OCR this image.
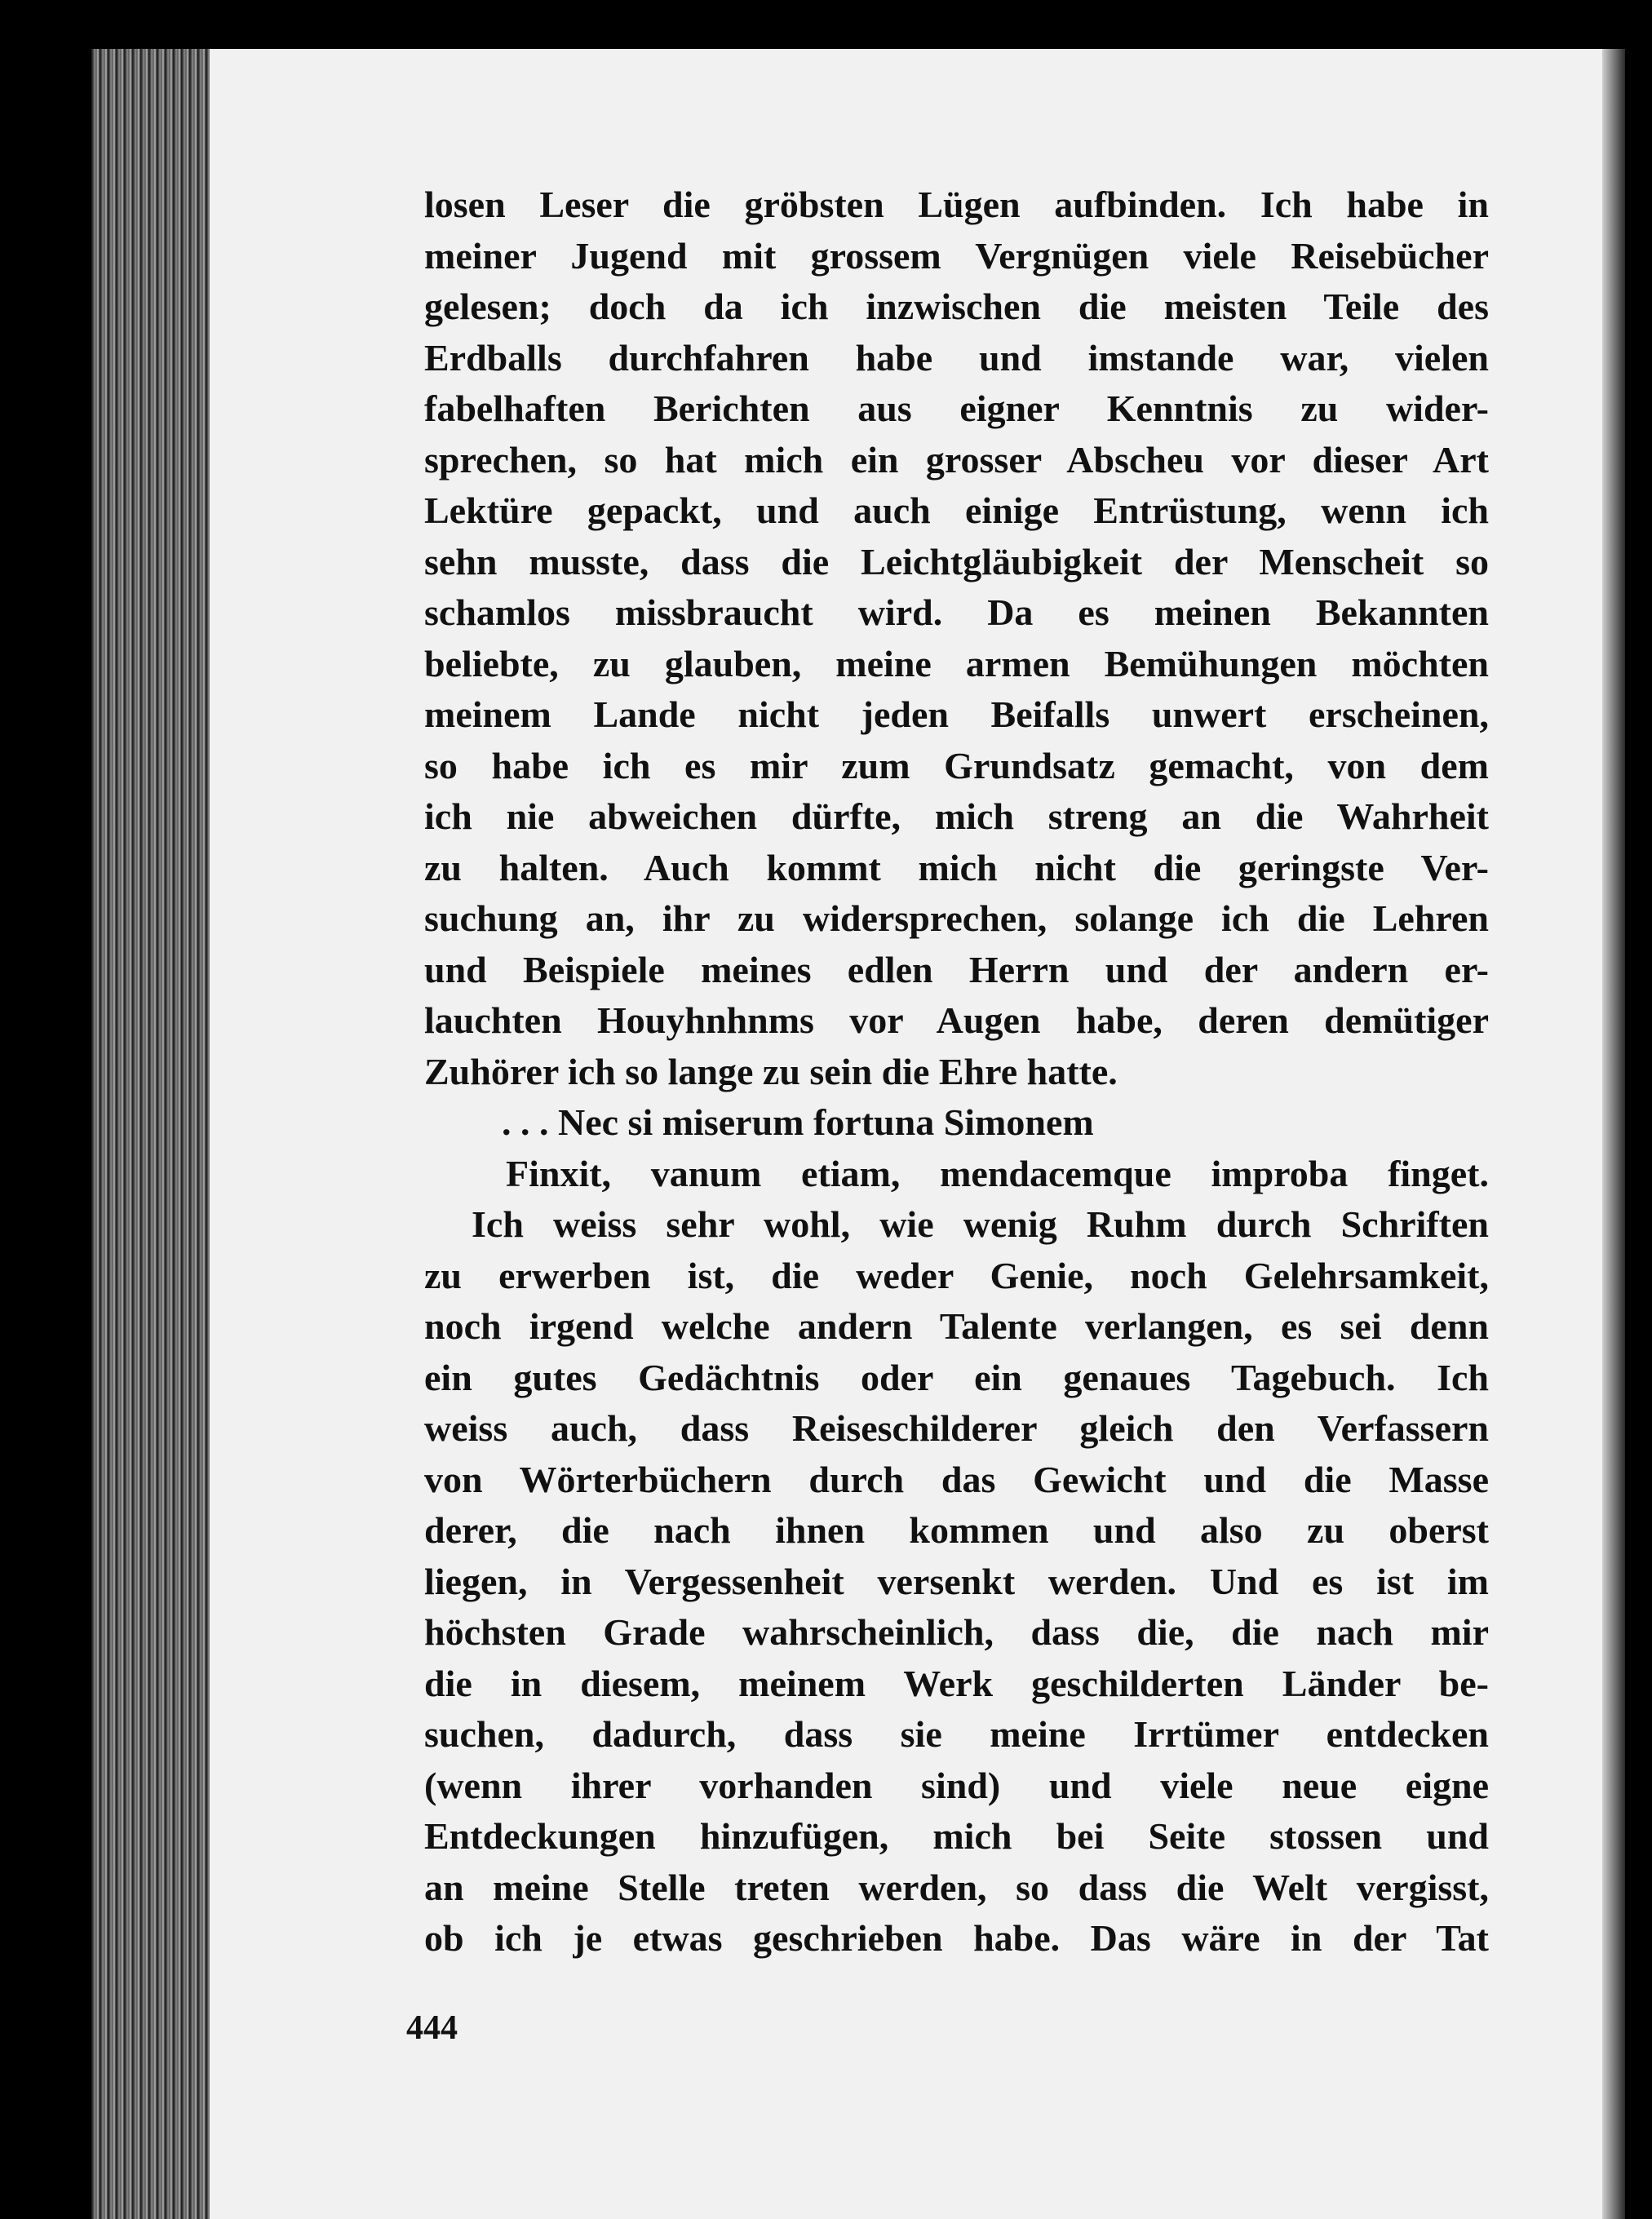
losen Leser die gröbsten Lügen aufbinden. Ich habe in
meiner Jugend mit grossem Vergnügen viele Reisebücher
gelesen; doch da ich inzwischen die meisten Teile des
Erdballs durchfahren habe und imstande war, vielen
fabelhaften Berichten aus eigner Kenntnis zu wider-
sprechen, so hat mich ein grosser Abscheu vor dieser Art
Lektüre gepackt, und auch einige Entrüstung, wenn ich
sehn musste, dass die Leichtgläubigkeit der Menscheit so
schamlos missbraucht wird. Da es meinen Bekannten
beliebte, zu glauben, meine armen Bemühungen möchten
meinem Lande nicht jeden Beifalls unwert erscheinen,
so habe ich es mir zum Grundsatz gemacht, von dem
ich nie abweichen dürfte, mich streng an die Wahrheit
zu halten. Auch kommt mich nicht die geringste Ver-
suchung an, ihr zu widersprechen, solange ich die Lehren
und Beispiele meines edlen Herrn und der andern er-
lauchten Houyhnhnms vor Augen habe, deren demütiger
Zuhörer ich so lange zu sein die Ehre hatte.
. . . Nec si miserum fortuna Simonem
Finxit, vanum etiam, mendacemque improba finget.
Ich weiss sehr wohl, wie wenig Ruhm durch Schriften
zu erwerben ist, die weder Genie, noch Gelehrsamkeit,
noch irgend welche andern Talente verlangen, es sei denn
ein gutes Gedächtnis oder ein genaues Tagebuch. Ich
weiss auch, dass Reiseschilderer gleich den Verfassern
von Wörterbüchern durch das Gewicht und die Masse
derer, die nach ihnen kommen und also zu oberst
liegen, in Vergessenheit versenkt werden. Und es ist im
höchsten Grade wahrscheinlich, dass die, die nach mir
die in diesem, meinem Werk geschilderten Länder be-
suchen, dadurch, dass sie meine Irrtümer entdecken
(wenn ihrer vorhanden sind) und viele neue eigne
Entdeckungen hinzufügen, mich bei Seite stossen und
an meine Stelle treten werden, so dass die Welt vergisst,
ob ich je etwas geschrieben habe. Das wäre in der Tat
444
